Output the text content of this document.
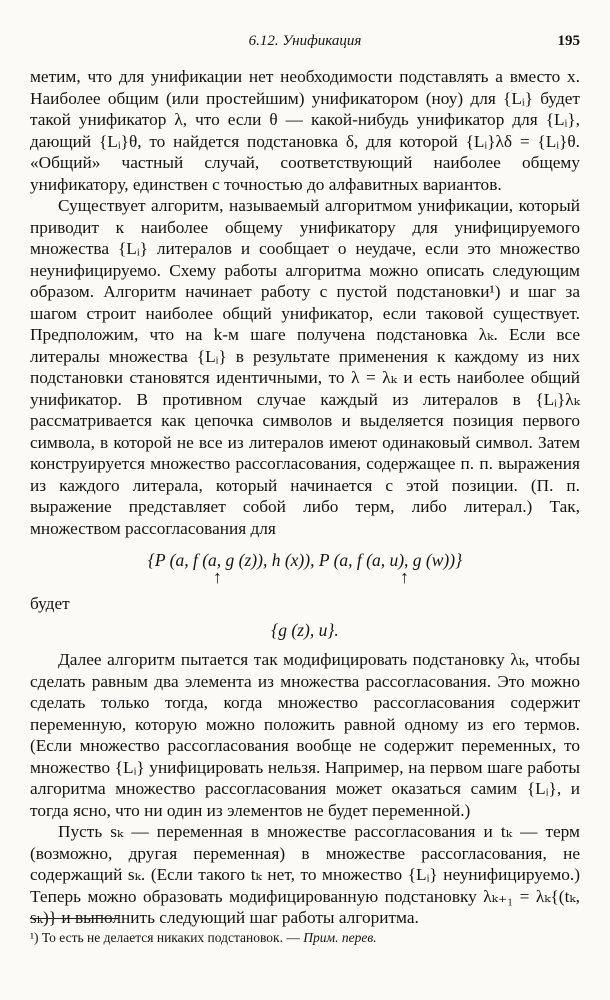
6.12. Унификация	195

метим, что для унификации нет необходимости подставлять a вместо x. Наиболее общим (или простейшим) унификатором (ноу) для {Lᵢ} будет такой унификатор λ, что если θ — какой-нибудь унификатор для {Lᵢ}, дающий {Lᵢ}θ, то найдется подстановка δ, для которой {Lᵢ}λδ = {Lᵢ}θ. «Общий» частный случай, соответствующий наиболее общему унификатору, единствен с точностью до алфавитных вариантов.

Существует алгоритм, называемый алгоритмом унификации, который приводит к наиболее общему унификатору для унифицируемого множества {Lᵢ} литералов и сообщает о неудаче, если это множество неунифицируемо. Схему работы алгоритма можно описать следующим образом. Алгоритм начинает работу с пустой подстановки¹) и шаг за шагом строит наиболее общий унификатор, если таковой существует. Предположим, что на k-м шаге получена подстановка λₖ. Если все литералы множества {Lᵢ} в результате применения к каждому из них подстановки становятся идентичными, то λ = λₖ и есть наиболее общий унификатор. В противном случае каждый из литералов в {Lᵢ}λₖ рассматривается как цепочка символов и выделяется позиция первого символа, в которой не все из литералов имеют одинаковый символ. Затем конструируется множество рассогласования, содержащее п. п. выражения из каждого литерала, который начинается с этой позиции. (П. п. выражение представляет собой либо терм, либо литерал.) Так, множеством рассогласования для

{P (a, f (a, g (z)), h (x)), P (a, f (a, u), g (w))}
↑	↑

будет

{g (z), u}.

Далее алгоритм пытается так модифицировать подстановку λₖ, чтобы сделать равным два элемента из множества рассогласования. Это можно сделать только тогда, когда множество рассогласования содержит переменную, которую можно положить равной одному из его термов. (Если множество рассогласования вообще не содержит переменных, то множество {Lᵢ} унифицировать нельзя. Например, на первом шаге работы алгоритма множество рассогласования может оказаться самим {Lᵢ}, и тогда ясно, что ни один из элементов не будет переменной.)

Пусть sₖ — переменная в множестве рассогласования и tₖ — терм (возможно, другая переменная) в множестве рассогласования, не содержащий sₖ. (Если такого tₖ нет, то множество {Lᵢ} неунифицируемо.) Теперь можно образовать модифицированную подстановку λₖ₊₁ = λₖ{(tₖ, sₖ)} и выполнить следующий шаг работы алгоритма.

¹) То есть не делается никаких подстановок. — Прим. перев.
